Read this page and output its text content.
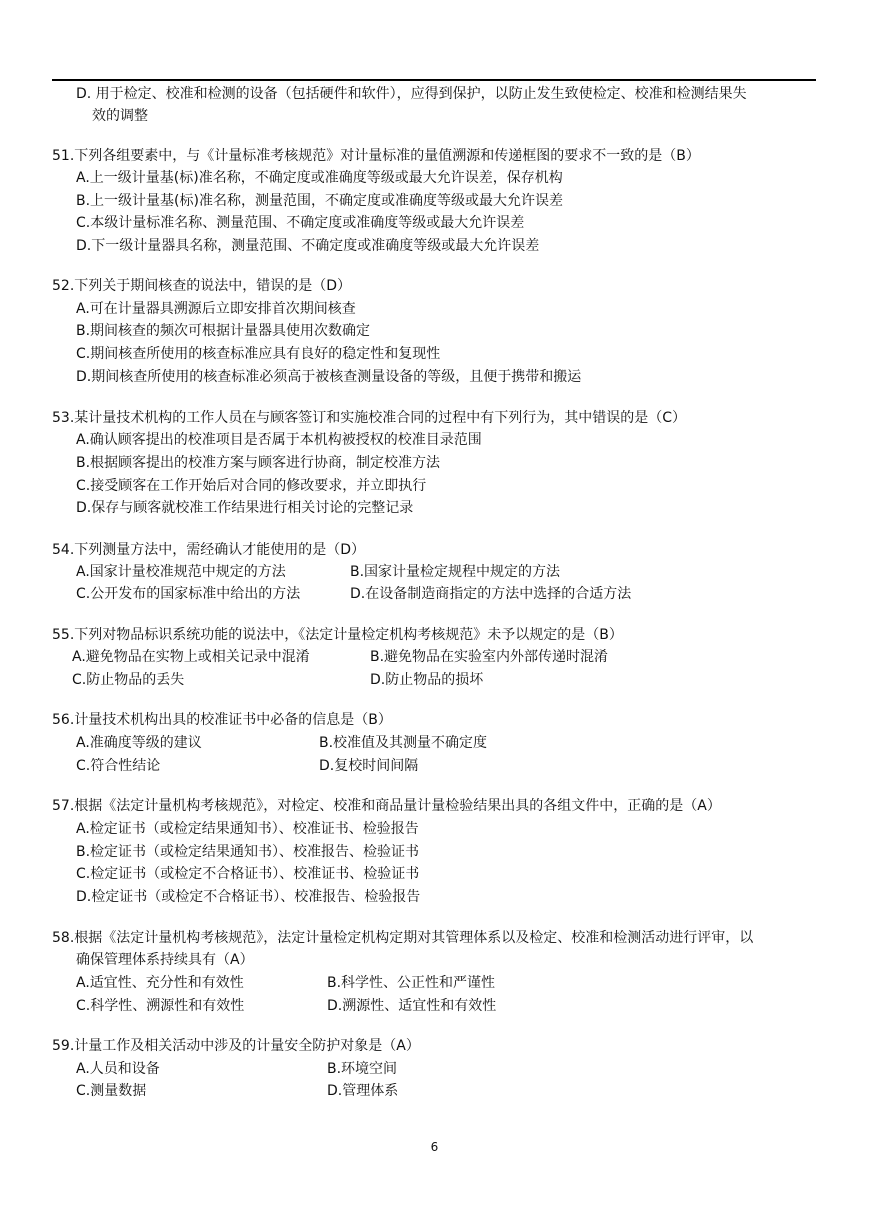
D. 用于检定、校准和检测的设备（包括硬件和软件），应得到保护，以防止发生致使检定、校准和检测结果失
效的调整
51.下列各组要素中，与《计量标准考核规范》对计量标准的量值溯源和传递框图的要求不一致的是（B）
A.上一级计量基(标)准名称，不确定度或准确度等级或最大允许误差，保存机构
B.上一级计量基(标)准名称，测量范围，不确定度或准确度等级或最大允许误差
C.本级计量标准名称、测量范围、不确定度或准确度等级或最大允许误差
D.下一级计量器具名称，测量范围、不确定度或准确度等级或最大允许误差
52.下列关于期间核查的说法中，错误的是（D）
A.可在计量器具溯源后立即安排首次期间核查
B.期间核查的频次可根据计量器具使用次数确定
C.期间核查所使用的核查标准应具有良好的稳定性和复现性
D.期间核查所使用的核查标准必须高于被核查测量设备的等级，且便于携带和搬运
53.某计量技术机构的工作人员在与顾客签订和实施校准合同的过程中有下列行为，其中错误的是（C）
A.确认顾客提出的校准项目是否属于本机构被授权的校准目录范围
B.根据顾客提出的校准方案与顾客进行协商，制定校准方法
C.接受顾客在工作开始后对合同的修改要求，并立即执行
D.保存与顾客就校准工作结果进行相关讨论的完整记录
54.下列测量方法中，需经确认才能使用的是（D）
A.国家计量校准规范中规定的方法	B.国家计量检定规程中规定的方法
C.公开发布的国家标准中给出的方法	D.在设备制造商指定的方法中选择的合适方法
55.下列对物品标识系统功能的说法中，《法定计量检定机构考核规范》未予以规定的是（B）
A.避免物品在实物上或相关记录中混淆	B.避免物品在实验室内外部传递时混淆
C.防止物品的丢失	D.防止物品的损坏
56.计量技术机构出具的校准证书中必备的信息是（B）
A.准确度等级的建议	B.校准值及其测量不确定度
C.符合性结论	D.复校时间间隔
57.根据《法定计量机构考核规范》，对检定、校准和商品量计量检验结果出具的各组文件中，正确的是（A）
A.检定证书（或检定结果通知书）、校准证书、检验报告
B.检定证书（或检定结果通知书）、校准报告、检验证书
C.检定证书（或检定不合格证书）、校准证书、检验证书
D.检定证书（或检定不合格证书）、校准报告、检验报告
58.根据《法定计量机构考核规范》，法定计量检定机构定期对其管理体系以及检定、校准和检测活动进行评审，以
确保管理体系持续具有（A）
A.适宜性、充分性和有效性	B.科学性、公正性和严谨性
C.科学性、溯源性和有效性	D.溯源性、适宜性和有效性
59.计量工作及相关活动中涉及的计量安全防护对象是（A）
A.人员和设备	B.环境空间
C.测量数据	D.管理体系
6
